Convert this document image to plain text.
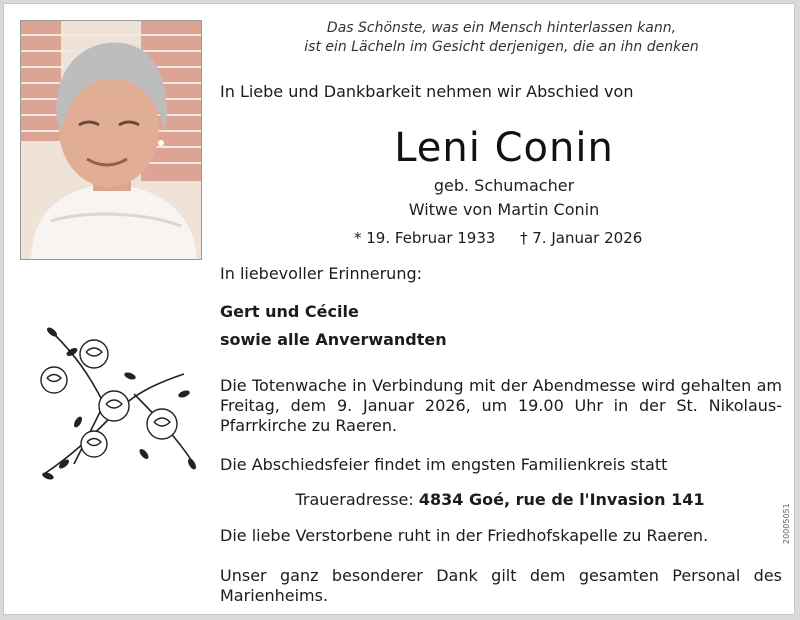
Das Schönste, was ein Mensch hinterlassen kann,
ist ein Lächeln im Gesicht derjenigen, die an ihn denken
In Liebe und Dankbarkeit nehmen wir Abschied von
Leni Conin
geb. Schumacher
Witwe von Martin Conin
* 19. Februar 1933 † 7. Januar 2026
In liebevoller Erinnerung:
Gert und Cécile
sowie alle Anverwandten
Die Totenwache in Verbindung mit der Abendmesse wird gehalten am Freitag, dem 9. Januar 2026, um 19.00 Uhr in der St. Nikolaus-Pfarrkirche zu Raeren.
Die Abschiedsfeier findet im engsten Familienkreis statt
Traueradresse: 4834 Goé, rue de l'Invasion 141
Die liebe Verstorbene ruht in der Friedhofskapelle zu Raeren.
Unser ganz besonderer Dank gilt dem gesamten Personal des Marienheims.
20005051
